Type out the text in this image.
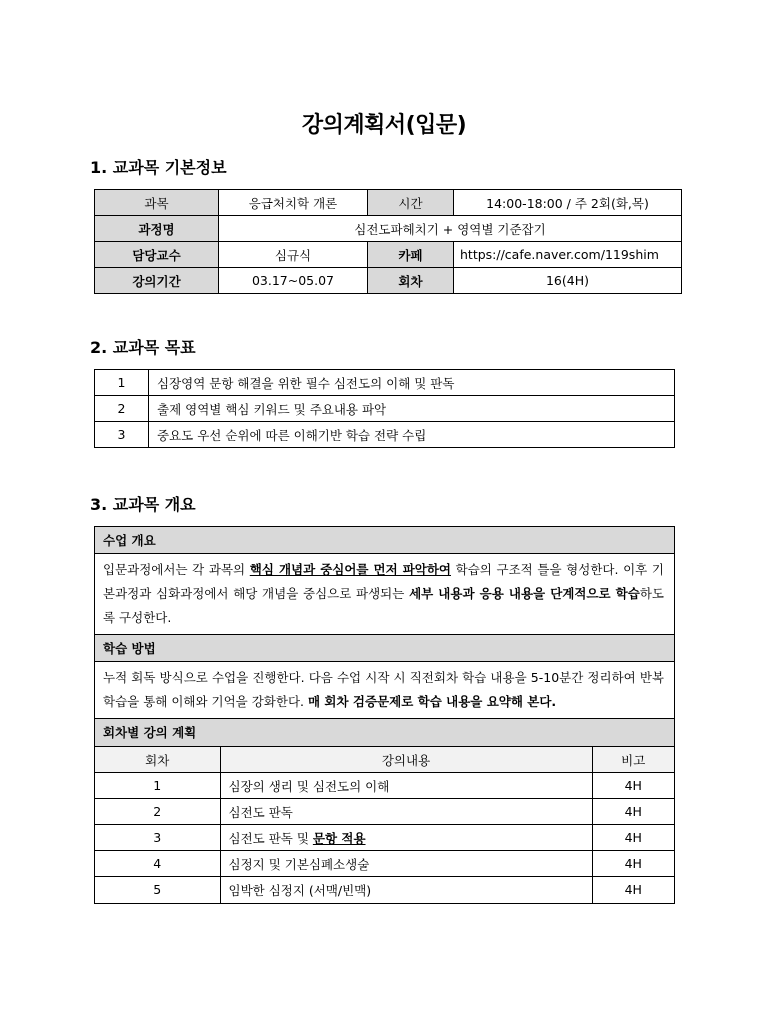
강의계획서(입문)
1. 교과목 기본정보
과목	응급처치학 개론	시간	14:00-18:00 / 주 2회(화,목)
과정명	심전도파헤치기 + 영역별 기준잡기		
담당교수	심규식	카페	https://cafe.naver.com/119shim
강의기간	03.17~05.07	회차	16(4H)
2. 교과목 목표
1	심장영역 문항 해결을 위한 필수 심전도의 이해 및 판독
2	출제 영역별 핵심 키워드 및 주요내용 파악
3	중요도 우선 순위에 따른 이해기반 학습 전략 수립
3. 교과목 개요
수업 개요
입문과정에서는 각 과목의 핵심 개념과 중심어를 먼저 파악하여 학습의 구조적 틀을 형성한다. 이후 기본과정과 심화과정에서 해당 개념을 중심으로 파생되는 세부 내용과 응용 내용을 단계적으로 학습하도록 구성한다.
학습 방법
누적 회독 방식으로 수업을 진행한다. 다음 수업 시작 시 직전회차 학습 내용을 5-10분간 정리하여 반복 학습을 통해 이해와 기억을 강화한다. 매 회차 검증문제로 학습 내용을 요약해 본다.
회차별 강의 계획
회차	강의내용	비고
1	심장의 생리 및 심전도의 이해	4H
2	심전도 판독	4H
3	심전도 판독 및 문항 적용	4H
4	심정지 및 기본심폐소생술	4H
5	임박한 심정지 (서맥/빈맥)	4H
